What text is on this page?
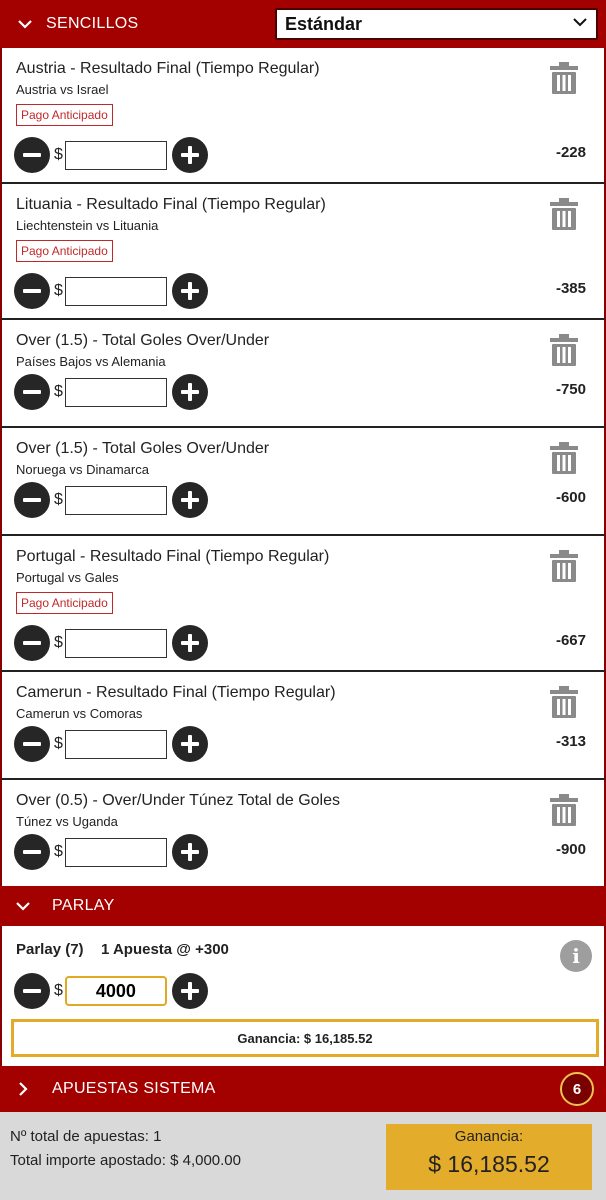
SENCILLOS	Estándar
Austria - Resultado Final (Tiempo Regular)
Austria vs Israel
Pago Anticipado
-228
$
Lituania - Resultado Final (Tiempo Regular)
Liechtenstein vs Lituania
Pago Anticipado
-385
$
Over (1.5) - Total Goles Over/Under
Países Bajos vs Alemania
-750
$
Over (1.5) - Total Goles Over/Under
Noruega vs Dinamarca
-600
$
Portugal - Resultado Final (Tiempo Regular)
Portugal vs Gales
Pago Anticipado
-667
$
Camerun - Resultado Final (Tiempo Regular)
Camerun vs Comoras
-313
$
Over (0.5) - Over/Under Túnez Total de Goles
Túnez vs Uganda
-900
$
PARLAY
Parlay (7) 1 Apuesta @ +300	i
$
4000
Ganancia: $ 16,185.52
APUESTAS SISTEMA	6
Nº total de apuestas: 1
Total importe apostado: $ 4,000.00
Ganancia:
$ 16,185.52
